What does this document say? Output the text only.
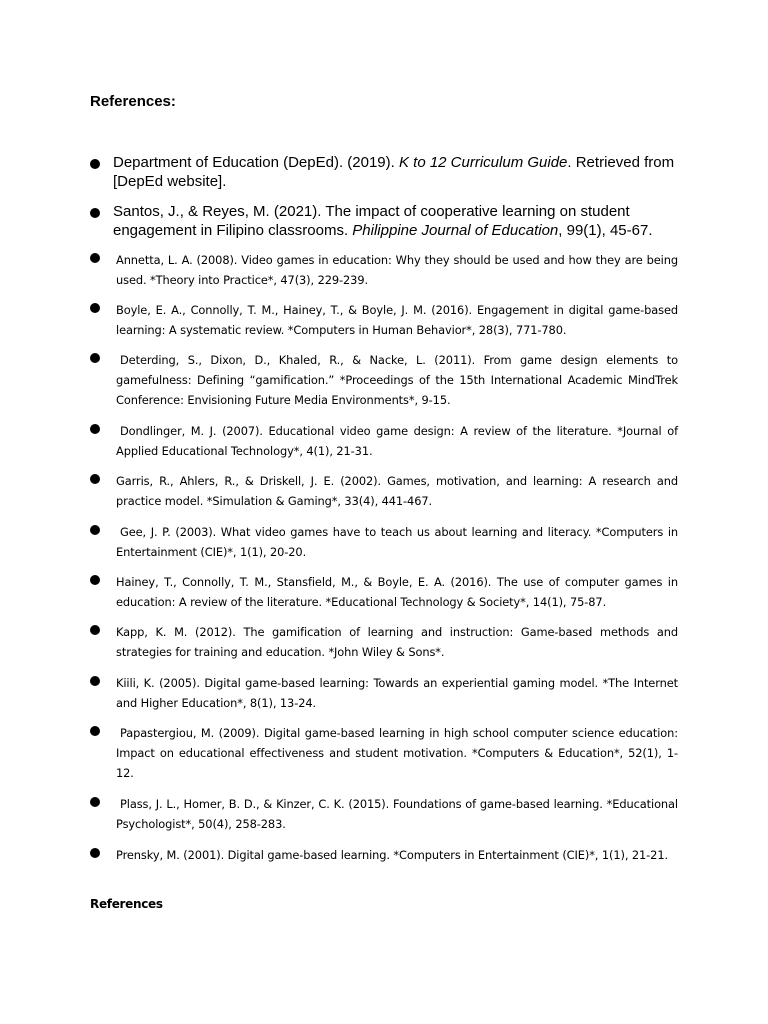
References:

Department of Education (DepEd). (2019). K to 12 Curriculum Guide. Retrieved from [DepEd website].

Santos, J., & Reyes, M. (2021). The impact of cooperative learning on student engagement in Filipino classrooms. Philippine Journal of Education, 99(1), 45-67.

Annetta, L. A. (2008). Video games in education: Why they should be used and how they are being used. *Theory into Practice*, 47(3), 229-239.

Boyle, E. A., Connolly, T. M., Hainey, T., & Boyle, J. M. (2016). Engagement in digital game-based learning: A systematic review. *Computers in Human Behavior*, 28(3), 771-780.

Deterding, S., Dixon, D., Khaled, R., & Nacke, L. (2011). From game design elements to gamefulness: Defining “gamification.” *Proceedings of the 15th International Academic MindTrek Conference: Envisioning Future Media Environments*, 9-15.

Dondlinger, M. J. (2007). Educational video game design: A review of the literature. *Journal of Applied Educational Technology*, 4(1), 21-31.

Garris, R., Ahlers, R., & Driskell, J. E. (2002). Games, motivation, and learning: A research and practice model. *Simulation & Gaming*, 33(4), 441-467.

Gee, J. P. (2003). What video games have to teach us about learning and literacy. *Computers in Entertainment (CIE)*, 1(1), 20-20.

Hainey, T., Connolly, T. M., Stansfield, M., & Boyle, E. A. (2016). The use of computer games in education: A review of the literature. *Educational Technology & Society*, 14(1), 75-87.

Kapp, K. M. (2012). The gamification of learning and instruction: Game-based methods and strategies for training and education. *John Wiley & Sons*.

Kiili, K. (2005). Digital game-based learning: Towards an experiential gaming model. *The Internet and Higher Education*, 8(1), 13-24.

Papastergiou, M. (2009). Digital game-based learning in high school computer science education: Impact on educational effectiveness and student motivation. *Computers & Education*, 52(1), 1-12.

Plass, J. L., Homer, B. D., & Kinzer, C. K. (2015). Foundations of game-based learning. *Educational Psychologist*, 50(4), 258-283.

Prensky, M. (2001). Digital game-based learning. *Computers in Entertainment (CIE)*, 1(1), 21-21.

References
